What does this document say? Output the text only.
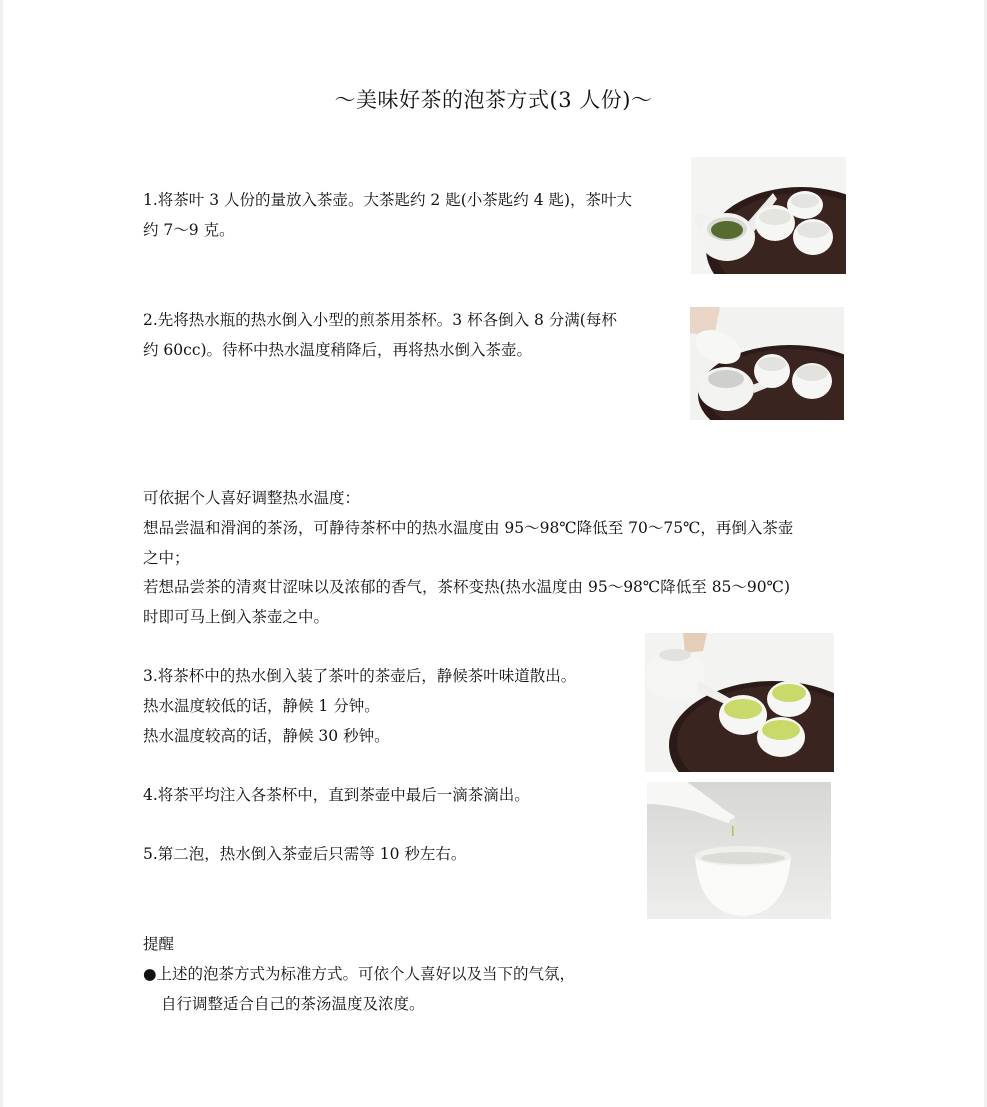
～美味好茶的泡茶方式(3 人份)～
1.将茶叶 3 人份的量放入茶壶。大茶匙约 2 匙(小茶匙约 4 匙)，茶叶大
约 7～9 克。
2.先将热水瓶的热水倒入小型的煎茶用茶杯。3 杯各倒入 8 分满(每杯
约 60cc)。待杯中热水温度稍降后，再将热水倒入茶壶。
可依据个人喜好调整热水温度：
想品尝温和滑润的茶汤，可静待茶杯中的热水温度由 95～98℃降低至 70～75℃，再倒入茶壶
之中；
若想品尝茶的清爽甘涩味以及浓郁的香气，茶杯变热(热水温度由 95～98℃降低至 85～90℃)
时即可马上倒入茶壶之中。
3.将茶杯中的热水倒入装了茶叶的茶壶后，静候茶叶味道散出。
热水温度较低的话，静候 1 分钟。
热水温度较高的话，静候 30 秒钟。
4.将茶平均注入各茶杯中，直到茶壶中最后一滴茶滴出。
5.第二泡，热水倒入茶壶后只需等 10 秒左右。
提醒
●上述的泡茶方式为标准方式。可依个人喜好以及当下的气氛，
自行调整适合自己的茶汤温度及浓度。
